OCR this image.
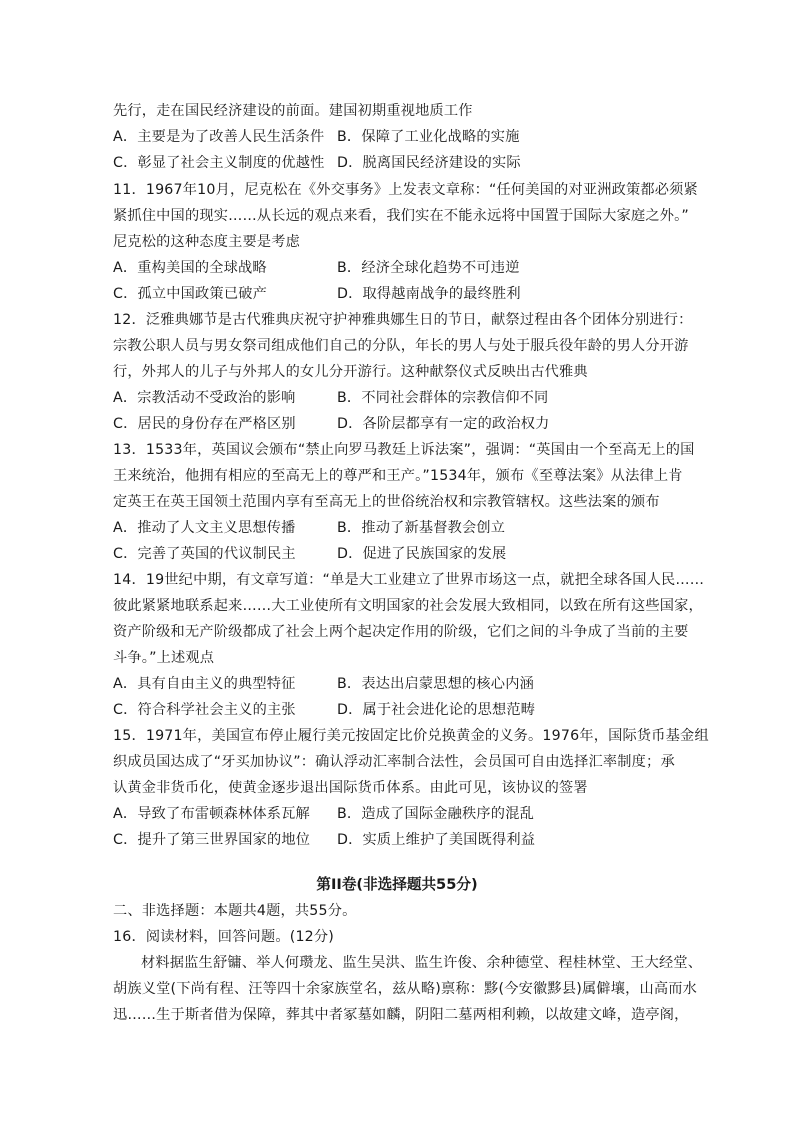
先行，走在国民经济建设的前面。建国初期重视地质工作
A．主要是为了改善人民生活条件 B．保障了工业化战略的实施
C．彰显了社会主义制度的优越性 D．脱离国民经济建设的实际
11．1967年10月，尼克松在《外交事务》上发表文章称：“任何美国的对亚洲政策都必须紧
紧抓住中国的现实……从长远的观点来看，我们实在不能永远将中国置于国际大家庭之外。”
尼克松的这种态度主要是考虑
A．重构美国的全球战略	B．经济全球化趋势不可违逆
C．孤立中国政策已破产	D．取得越南战争的最终胜利
12．泛雅典娜节是古代雅典庆祝守护神雅典娜生日的节日，献祭过程由各个团体分别进行：
宗教公职人员与男女祭司组成他们自己的分队，年长的男人与处于服兵役年龄的男人分开游
行，外邦人的儿子与外邦人的女儿分开游行。这种献祭仪式反映出古代雅典
A．宗教活动不受政治的影响	B．不同社会群体的宗教信仰不同
C．居民的身份存在严格区别	D．各阶层都享有一定的政治权力
13．1533年，英国议会颁布“禁止向罗马教廷上诉法案”，强调：“英国由一个至高无上的国
王来统治，他拥有相应的至高无上的尊严和王产。”1534年，颁布《至尊法案》从法律上肯
定英王在英王国领土范围内享有至高无上的世俗统治权和宗教管辖权。这些法案的颁布
A．推动了人文主义思想传播	B．推动了新基督教会创立
C．完善了英国的代议制民主	D．促进了民族国家的发展
14．19世纪中期，有文章写道：“单是大工业建立了世界市场这一点，就把全球各国人民……
彼此紧紧地联系起来……大工业使所有文明国家的社会发展大致相同，以致在所有这些国家，
资产阶级和无产阶级都成了社会上两个起决定作用的阶级，它们之间的斗争成了当前的主要
斗争。”上述观点
A．具有自由主义的典型特征	B．表达出启蒙思想的核心内涵
C．符合科学社会主义的主张	D．属于社会进化论的思想范畴
15．1971年，美国宣布停止履行美元按固定比价兑换黄金的义务。1976年，国际货币基金组
织成员国达成了“牙买加协议”：确认浮动汇率制合法性，会员国可自由选择汇率制度；承
认黄金非货币化，使黄金逐步退出国际货币体系。由此可见，该协议的签署
A．导致了布雷顿森林体系瓦解 B．造成了国际金融秩序的混乱
C．提升了第三世界国家的地位 D．实质上维护了美国既得利益
第II卷(非选择题共55分)
二、非选择题：本题共4题，共55分。
16．阅读材料，回答问题。(12分)
材料据监生舒镛、举人何瓒龙、监生吴洪、监生许俊、余种德堂、程桂林堂、王大经堂、
胡族义堂(下尚有程、汪等四十余家族堂名，兹从略)禀称：黟(今安徽黟县)属僻壤，山高而水
迅……生于斯者借为保障，葬其中者冢墓如麟，阴阳二墓两相利赖，以故建文峰，造亭阁，
